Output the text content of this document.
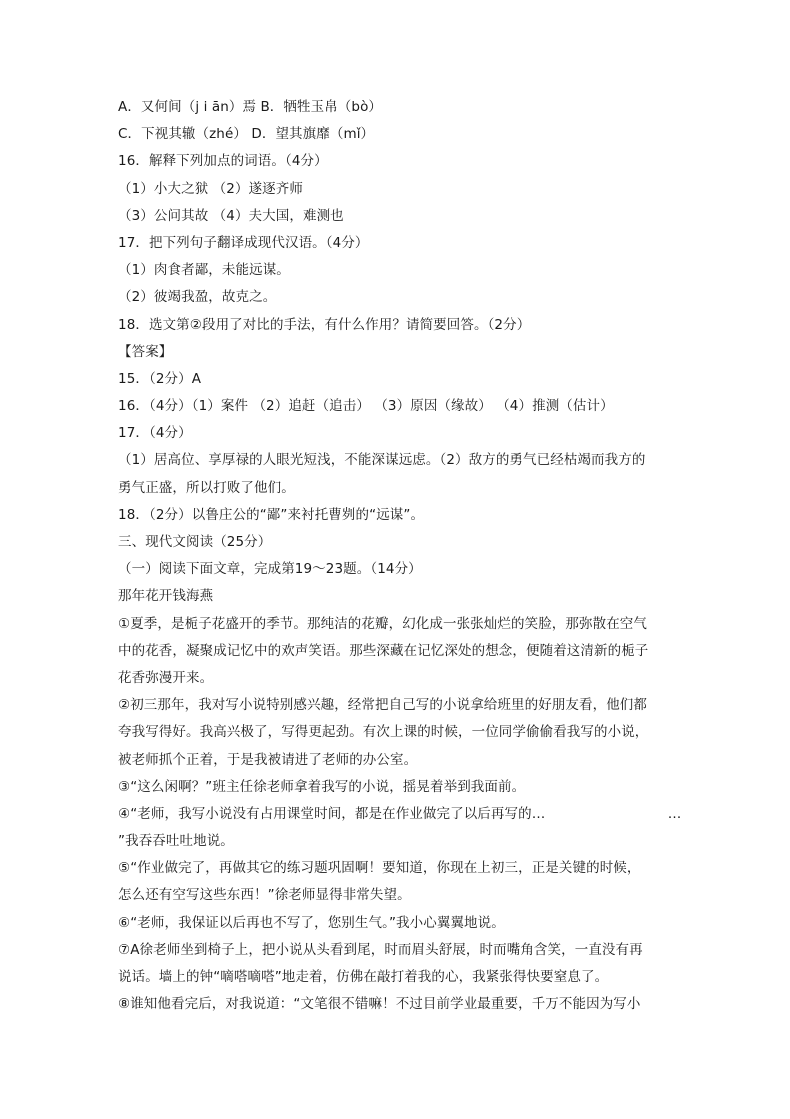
A．又何间（j i ān）焉 B．牺牲玉帛（bò）
C．下视其辙（zhé） D．望其旗靡（mǐ）
16．解释下列加点的词语。（4分）
（1）小大之狱 （2）遂逐齐师
（3）公问其故 （4）夫大国，难测也
17．把下列句子翻译成现代汉语。（4分）
（1）肉食者鄙，未能远谋。
（2）彼竭我盈，故克之。
18．选文第②段用了对比的手法，有什么作用？请简要回答。（2分）
【答案】
15．（2分）A
16．（4分）（1）案件 （2）追赶（追击） （3）原因（缘故） （4）推测（估计）
17．（4分）
（1）居高位、享厚禄的人眼光短浅，不能深谋远虑。（2）敌方的勇气已经枯竭而我方的
勇气正盛，所以打败了他们。
18．（2分）以鲁庄公的“鄙”来衬托曹刿的“远谋”。
三、现代文阅读（25分）
（一）阅读下面文章，完成第19～23题。（14分）
那年花开钱海燕
①夏季，是栀子花盛开的季节。那纯洁的花瓣，幻化成一张张灿烂的笑脸，那弥散在空气
中的花香，凝聚成记忆中的欢声笑语。那些深藏在记忆深处的想念，便随着这清新的栀子
花香弥漫开来。
②初三那年，我对写小说特别感兴趣，经常把自己写的小说拿给班里的好朋友看，他们都
夸我写得好。我高兴极了，写得更起劲。有次上课的时候，一位同学偷偷看我写的小说，
被老师抓个正着，于是我被请进了老师的办公室。
③“这么闲啊？”班主任徐老师拿着我写的小说，摇晃着举到我面前。
④“老师，我写小说没有占用课堂时间，都是在作业做完了以后再写的…　　　　　　　　　…
”我吞吞吐吐地说。
⑤“作业做完了，再做其它的练习题巩固啊！要知道，你现在上初三，正是关键的时候，
怎么还有空写这些东西！”徐老师显得非常失望。
⑥“老师，我保证以后再也不写了，您别生气。”我小心翼翼地说。
⑦A徐老师坐到椅子上，把小说从头看到尾，时而眉头舒展，时而嘴角含笑，一直没有再
说话。墙上的钟“嘀嗒嘀嗒”地走着，仿佛在敲打着我的心，我紧张得快要窒息了。
⑧谁知他看完后，对我说道：“文笔很不错嘛！不过目前学业最重要，千万不能因为写小
